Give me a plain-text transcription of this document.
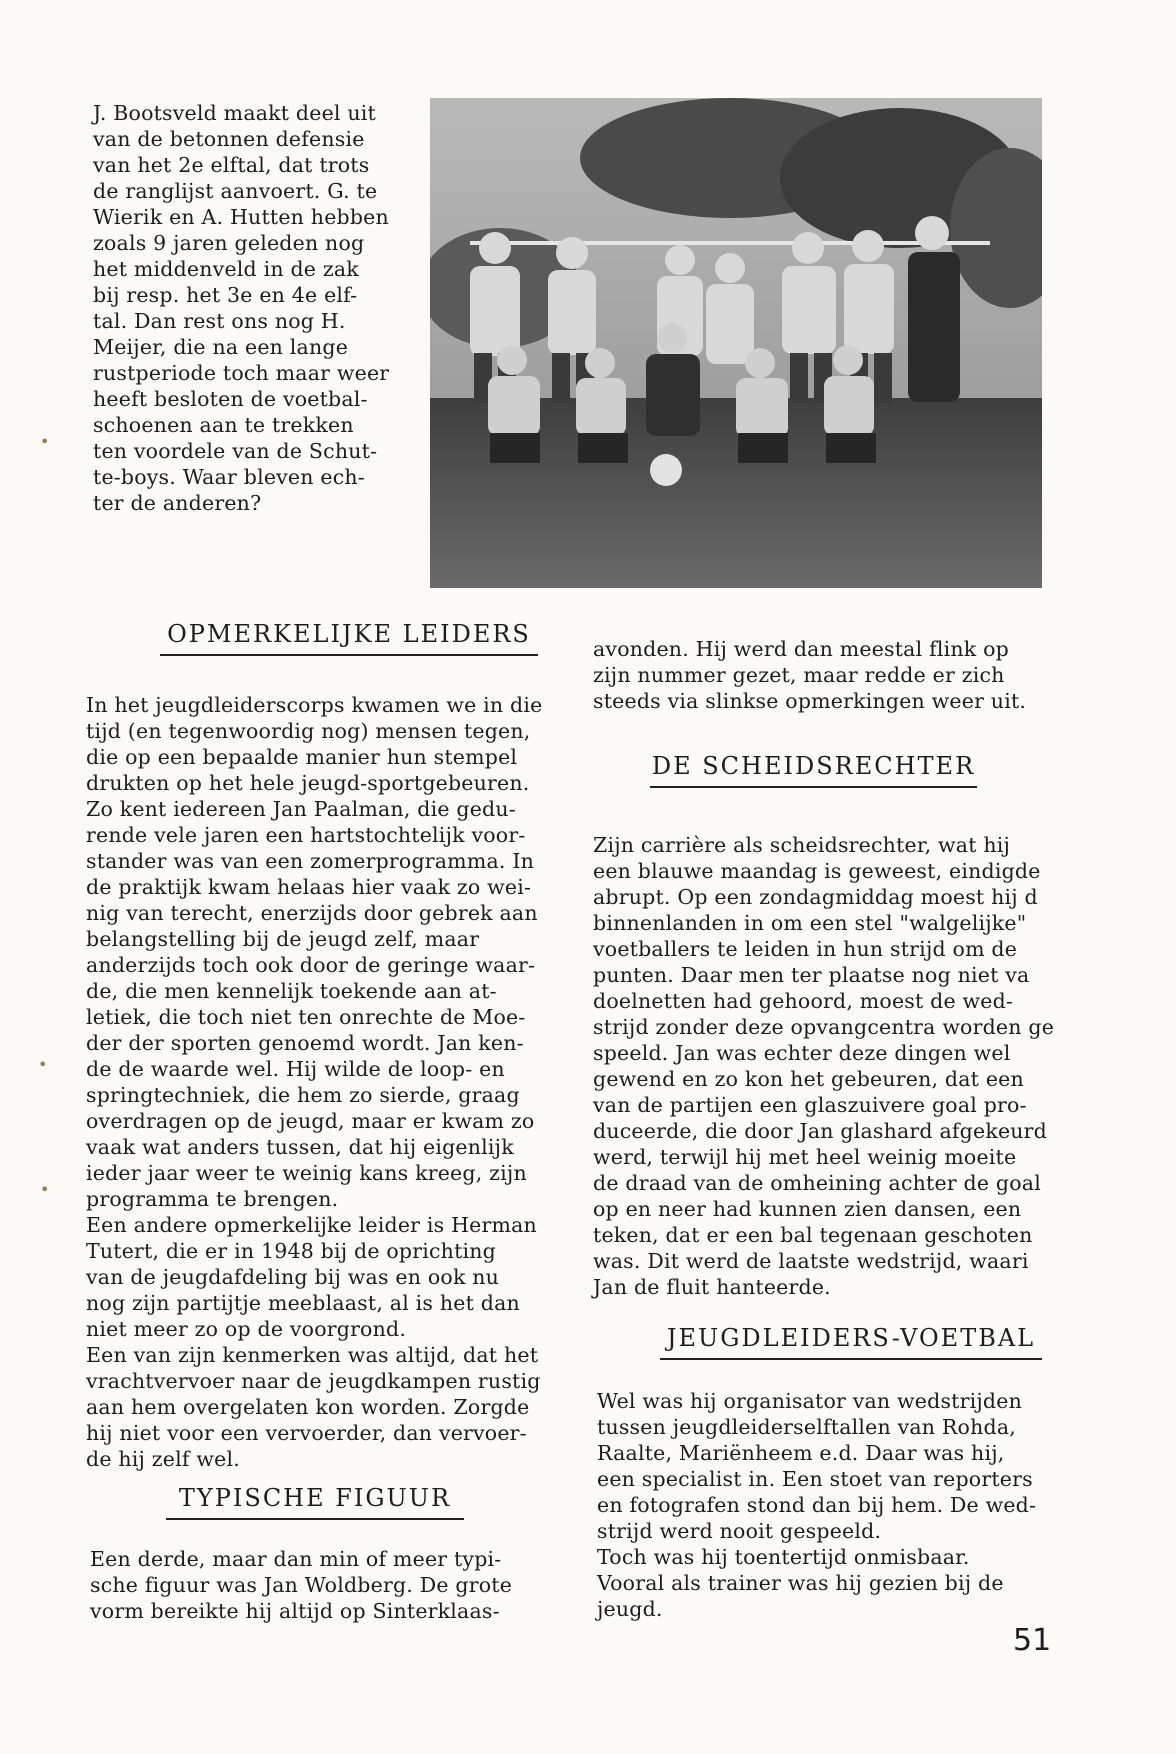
J. Bootsveld maakt deel uit
van de betonnen defensie
van het 2e elftal, dat trots
de ranglijst aanvoert. G. te
Wierik en A. Hutten hebben
zoals 9 jaren geleden nog
het middenveld in de zak
bij resp. het 3e en 4e elf-
tal. Dan rest ons nog H.
Meijer, die na een lange
rustperiode toch maar weer
heeft besloten de voetbal-
schoenen aan te trekken
ten voordele van de Schut-
te-boys. Waar bleven ech-
ter de anderen?
OPMERKELIJKE LEIDERS
In het jeugdleiderscorps kwamen we in die
tijd (en tegenwoordig nog) mensen tegen,
die op een bepaalde manier hun stempel
drukten op het hele jeugd-sportgebeuren.
Zo kent iedereen Jan Paalman, die gedu-
rende vele jaren een hartstochtelijk voor-
stander was van een zomerprogramma. In
de praktijk kwam helaas hier vaak zo wei-
nig van terecht, enerzijds door gebrek aan
belangstelling bij de jeugd zelf, maar
anderzijds toch ook door de geringe waar-
de, die men kennelijk toekende aan at-
letiek, die toch niet ten onrechte de Moe-
der der sporten genoemd wordt. Jan ken-
de de waarde wel. Hij wilde de loop- en
springtechniek, die hem zo sierde, graag
overdragen op de jeugd, maar er kwam zo
vaak wat anders tussen, dat hij eigenlijk
ieder jaar weer te weinig kans kreeg, zijn
programma te brengen.
Een andere opmerkelijke leider is Herman
Tutert, die er in 1948 bij de oprichting
van de jeugdafdeling bij was en ook nu
nog zijn partijtje meeblaast, al is het dan
niet meer zo op de voorgrond.
Een van zijn kenmerken was altijd, dat het
vrachtvervoer naar de jeugdkampen rustig
aan hem overgelaten kon worden. Zorgde
hij niet voor een vervoerder, dan vervoer-
de hij zelf wel.
TYPISCHE FIGUUR
Een derde, maar dan min of meer typi-
sche figuur was Jan Woldberg. De grote
vorm bereikte hij altijd op Sinterklaas-
avonden. Hij werd dan meestal flink op
zijn nummer gezet, maar redde er zich
steeds via slinkse opmerkingen weer uit.
DE SCHEIDSRECHTER
Zijn carrière als scheidsrechter, wat hij
een blauwe maandag is geweest, eindigde
abrupt. Op een zondagmiddag moest hij d
binnenlanden in om een stel "walgelijke"
voetballers te leiden in hun strijd om de
punten. Daar men ter plaatse nog niet va
doelnetten had gehoord, moest de wed-
strijd zonder deze opvangcentra worden ge
speeld. Jan was echter deze dingen wel
gewend en zo kon het gebeuren, dat een
van de partijen een glaszuivere goal pro-
duceerde, die door Jan glashard afgekeurd
werd, terwijl hij met heel weinig moeite
de draad van de omheining achter de goal
op en neer had kunnen zien dansen, een
teken, dat er een bal tegenaan geschoten
was. Dit werd de laatste wedstrijd, waari
Jan de fluit hanteerde.
JEUGDLEIDERS-VOETBAL
Wel was hij organisator van wedstrijden
tussen jeugdleiderselftallen van Rohda,
Raalte, Mariënheem e.d. Daar was hij,
een specialist in. Een stoet van reporters
en fotografen stond dan bij hem. De wed-
strijd werd nooit gespeeld.
Toch was hij toentertijd onmisbaar.
Vooral als trainer was hij gezien bij de
jeugd.
51
•
•
•
